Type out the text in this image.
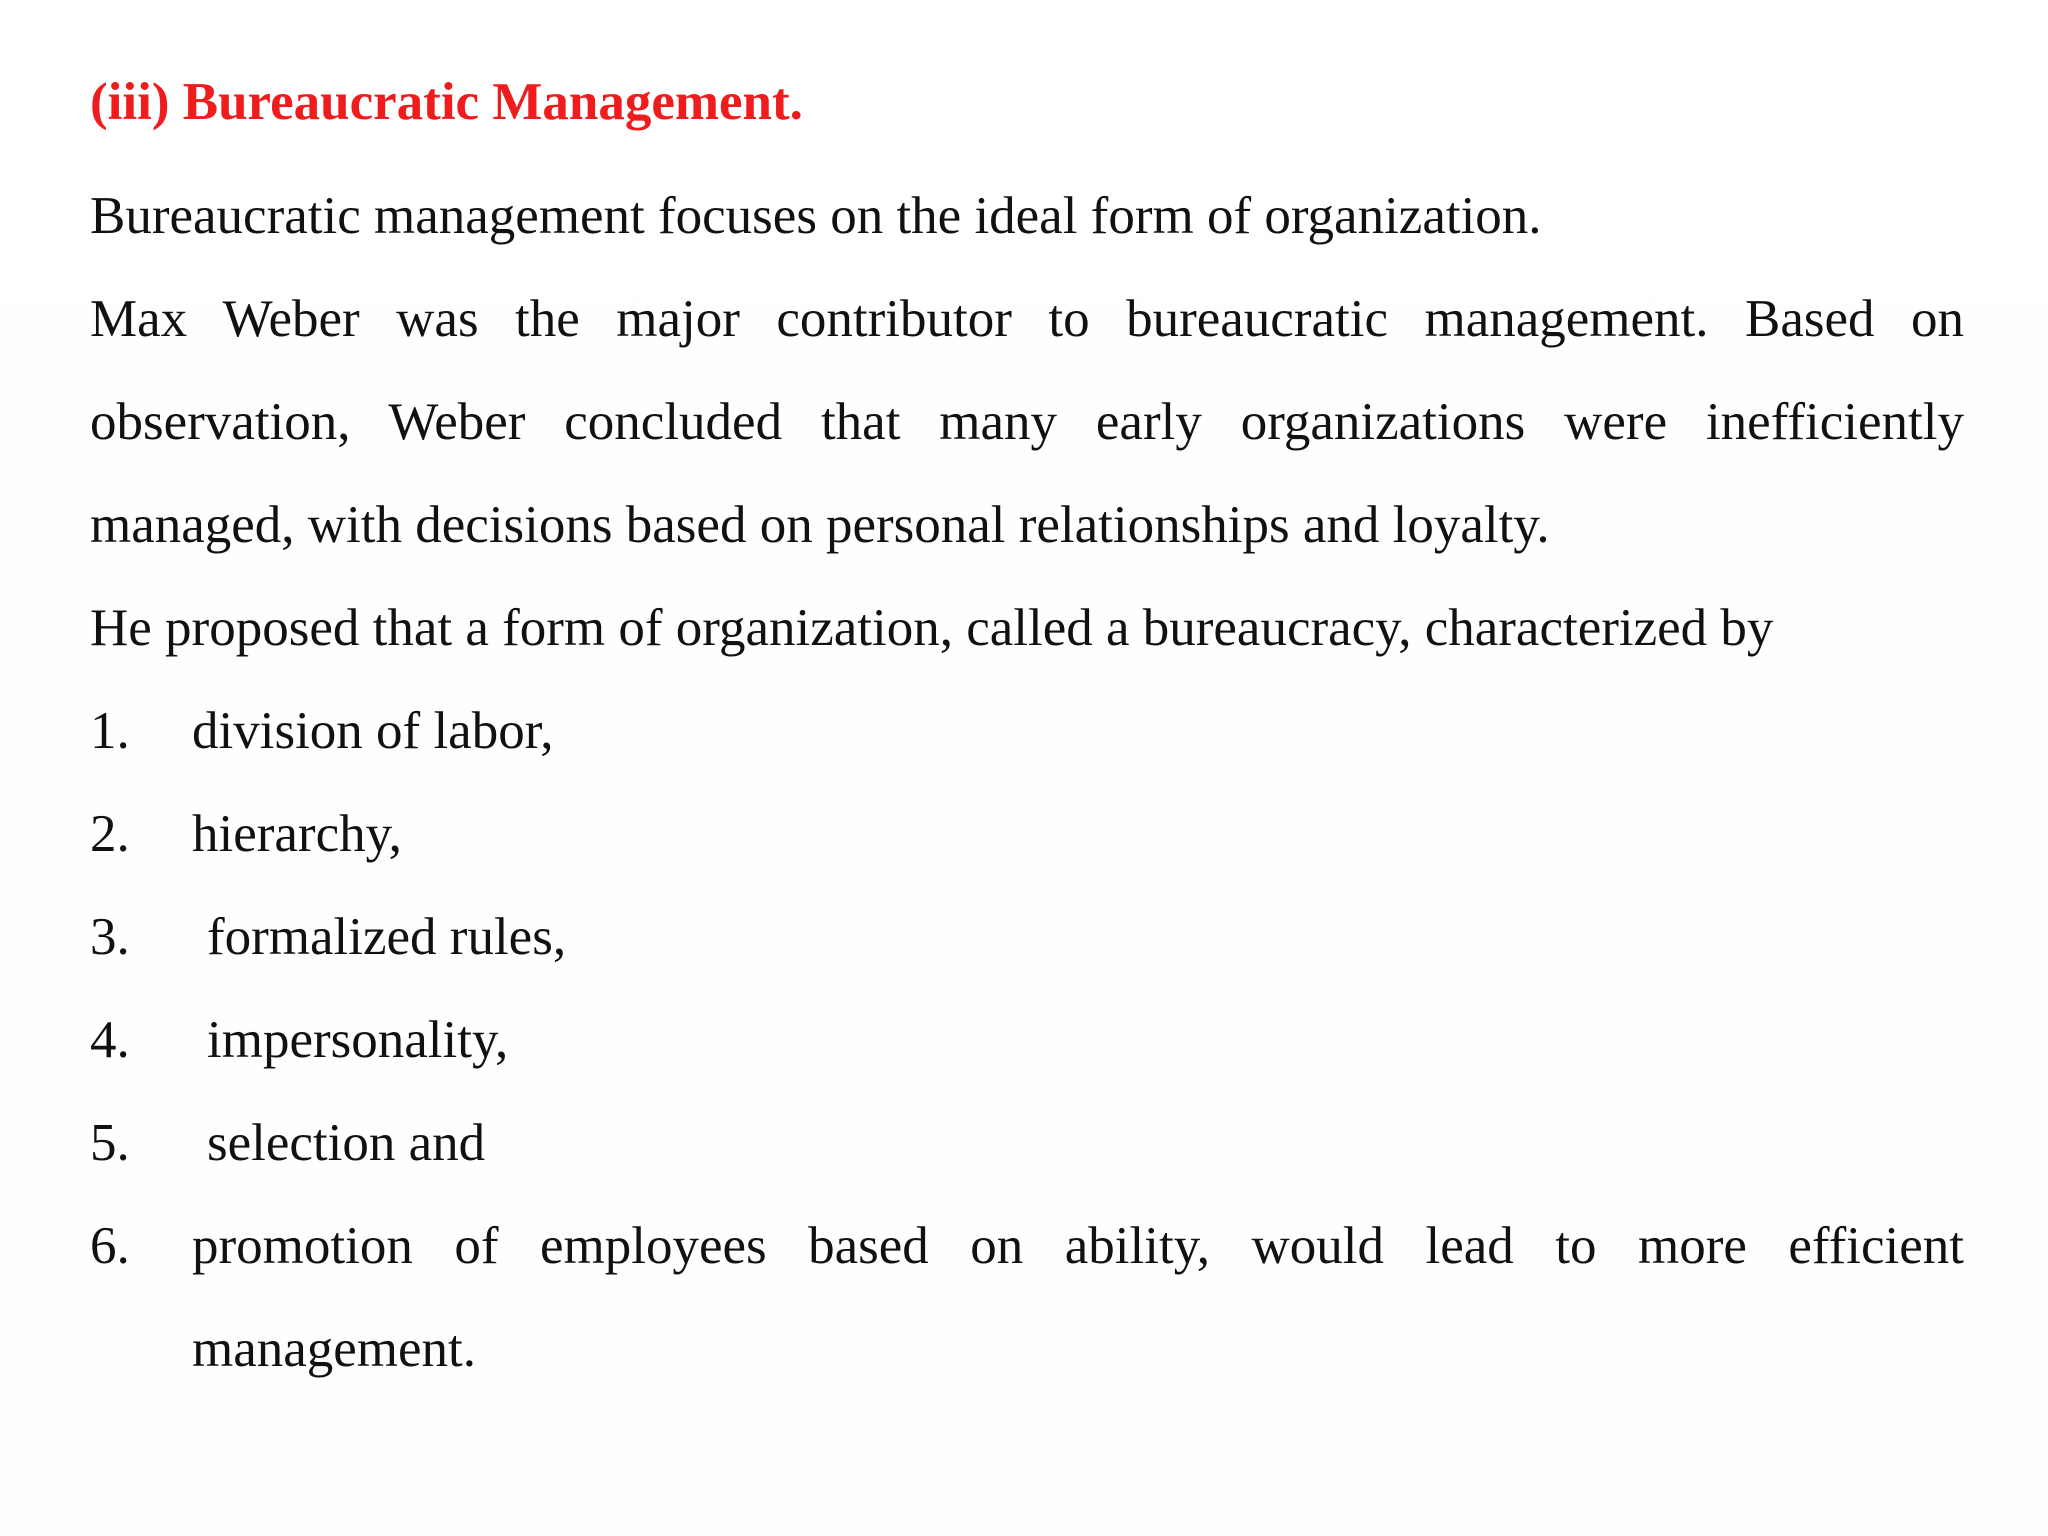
(iii) Bureaucratic Management.

Bureaucratic management focuses on the ideal form of organization.

Max Weber was the major contributor to bureaucratic management. Based on observation, Weber concluded that many early organizations were inefficiently managed, with decisions based on personal relationships and loyalty.

He proposed that a form of organization, called a bureaucracy, characterized by

1. division of labor,
2. hierarchy,
3. formalized rules,
4. impersonality,
5. selection and
6. promotion of employees based on ability, would lead to more efficient management.
